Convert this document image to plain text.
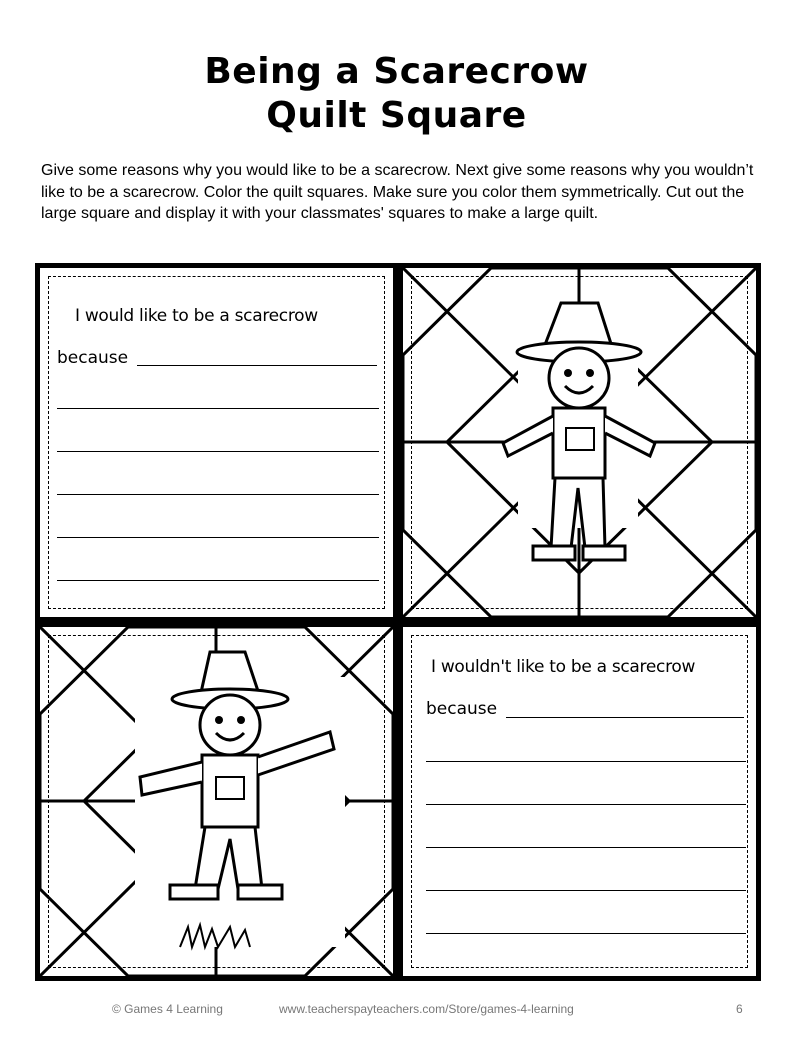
Being a Scarecrow
Quilt Square
Give some reasons why you would like to be a scarecrow. Next give some reasons why you wouldn’t like to be a scarecrow. Color the quilt squares. Make sure you color them symmetrically. Cut out the large square and display it with your classmates' squares to make a large quilt.
I would like to be a scarecrow
because
I wouldn't like to be a scarecrow
because
© Games 4 Learning	www.teacherspayteachers.com/Store/games-4-learning	6
